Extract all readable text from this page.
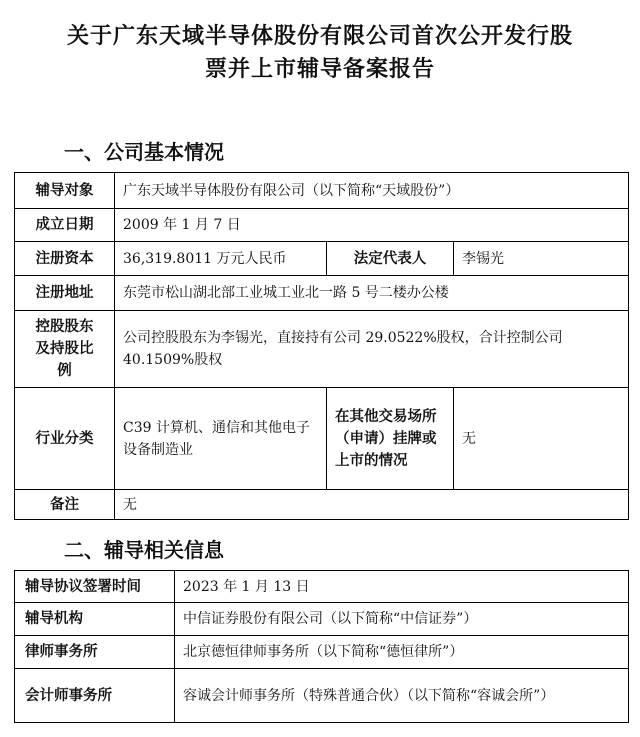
关于广东天域半导体股份有限公司首次公开发行股
票并上市辅导备案报告
一、公司基本情况
辅导对象	广东天域半导体股份有限公司（以下简称“天域股份”）		
成立日期	2009 年 1 月 7 日		
注册资本	36,319.8011 万元人民币	法定代表人	李锡光
注册地址	东莞市松山湖北部工业城工业北一路 5 号二楼办公楼		
控股股东及持股比例	公司控股股东为李锡光，直接持有公司 29.0522%股权，合计控制公司 40.1509%股权		
行业分类	C39 计算机、通信和其他电子设备制造业	在其他交易场所（申请）挂牌或上市的情况	无
备注	无		
二、辅导相关信息
辅导协议签署时间	2023 年 1 月 13 日
辅导机构	中信证券股份有限公司（以下简称“中信证券”）
律师事务所	北京德恒律师事务所（以下简称“德恒律所”）
会计师事务所	容诚会计师事务所（特殊普通合伙）（以下简称“容诚会所”）
